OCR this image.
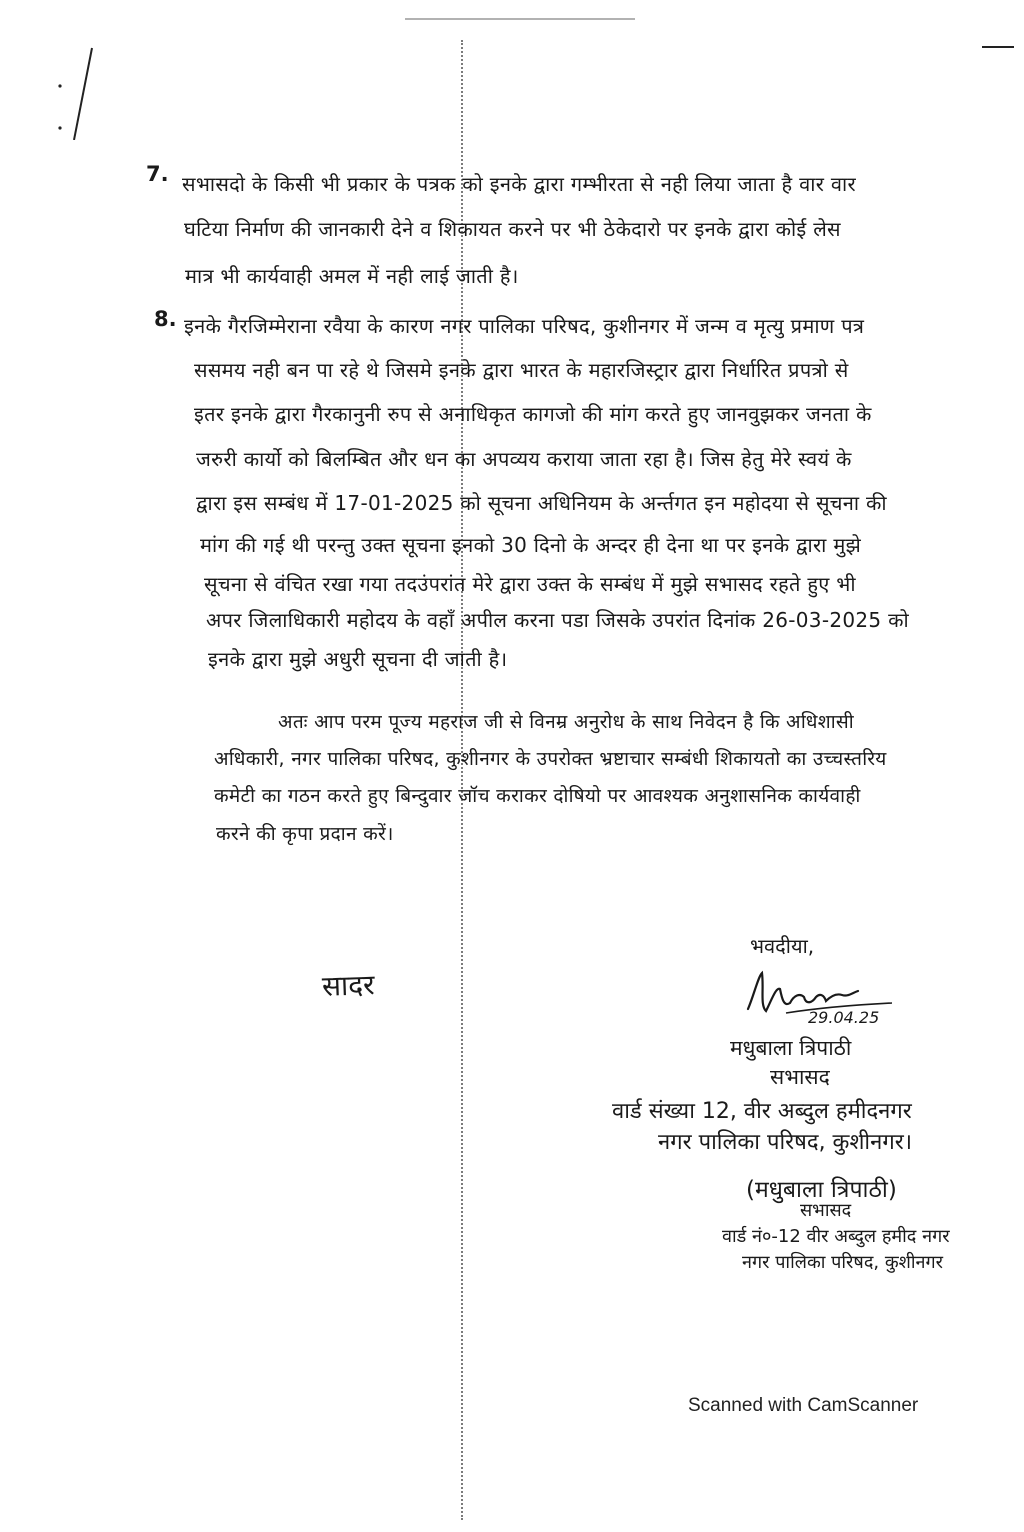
7. सभासदो के किसी भी प्रकार के पत्रक को इनके द्वारा गम्भीरता से नही लिया जाता है वार वार
घटिया निर्माण की जानकारी देने व शिकायत करने पर भी ठेकेदारो पर इनके द्वारा कोई लेस
मात्र भी कार्यवाही अमल में नही लाई जाती है।
8. इनके गैरजिम्मेराना रवैया के कारण नगर पालिका परिषद, कुशीनगर में जन्म व मृत्यु प्रमाण पत्र
ससमय नही बन पा रहे थे जिसमे इनके द्वारा भारत के महारजिस्ट्रार द्वारा निर्धारित प्रपत्रो से
इतर इनके द्वारा गैरकानुनी रुप से अनाधिकृत कागजो की मांग करते हुए जानवुझकर जनता के
जरुरी कार्यो को बिलम्बित और धन का अपव्यय कराया जाता रहा है। जिस हेतु मेरे स्वयं के
द्वारा इस सम्बंध में 17-01-2025 को सूचना अधिनियम के अर्न्तगत इन महोदया से सूचना की
मांग की गई थी परन्तु उक्त सूचना इनको 30 दिनो के अन्दर ही देना था पर इनके द्वारा मुझे
सूचना से वंचित रखा गया तदउंपरांत मेरे द्वारा उक्त के सम्बंध में मुझे सभासद रहते हुए भी
अपर जिलाधिकारी महोदय के वहाँ अपील करना पडा जिसके उपरांत दिनांक 26-03-2025 को
इनके द्वारा मुझे अधुरी सूचना दी जाती है।
अतः आप परम पूज्य महराज जी से विनम्र अनुरोध के साथ निवेदन है कि अधिशासी
अधिकारी, नगर पालिका परिषद, कुशीनगर के उपरोक्त भ्रष्टाचार सम्बंधी शिकायतो का उच्चस्तरिय
कमेटी का गठन करते हुए बिन्दुवार जॉच कराकर दोषियो पर आवश्यक अनुशासनिक कार्यवाही
करने की कृपा प्रदान करें।
सादर
भवदीया,
29.04.25
मधुबाला त्रिपाठी
सभासद
वार्ड संख्या 12, वीर अब्दुल हमीदनगर
नगर पालिका परिषद, कुशीनगर।
(मधुबाला त्रिपाठी)
सभासद
वार्ड नं०-12 वीर अब्दुल हमीद नगर
नगर पालिका परिषद, कुशीनगर
Scanned with CamScanner
